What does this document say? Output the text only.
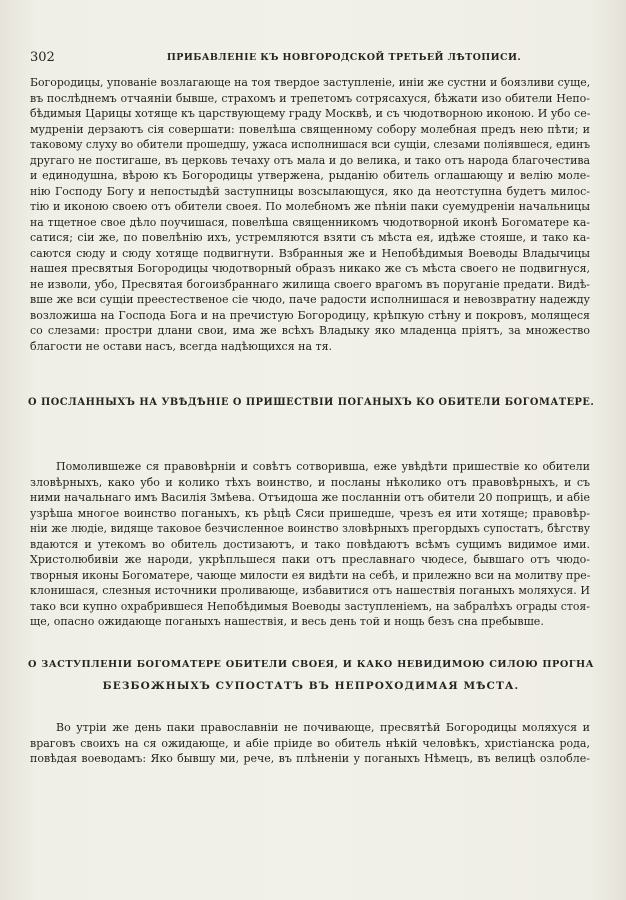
302	ПРИБАВЛЕНІЕ КЪ НОВГОРОДСКОЙ ТРЕТЬЕЙ ЛѢТОПИСИ.
Богородицы, упованіе возлагающе на тоя твердое заступленіе, иніи же сустни и боязливи суще,
въ послѣднемъ отчаяніи бывше, страхомъ и трепетомъ сотрясахуся, бѣжати изо обители Непо-
бѣдимыя Царицы хотяще къ царствующему граду Москвѣ, и съ чюдотворною иконою. И убо се-
мудреніи дерзаютъ сія совершати: повелѣша священному собору молебная предъ нею пѣти; и
таковому слуху во обители прошедшу, ужаса исполнишася вси сущіи, слезами поліявшеся, единъ
другаго не постигаше, въ церковь течаху отъ мала и до велика, и тако отъ народа благочестива
и единодушна, вѣрою къ Богородицы утвержена, рыданію обитель оглашающу и велію моле-
нію Господу Богу и непостыдѣй заступницы возсылающуся, яко да неотступна будетъ милос-
тію и иконою своею отъ обители своея. По молебномъ же пѣніи паки суемудреніи начальницы
на тщетное свое дѣло поучишася, повелѣша священникомъ чюдотворной иконѣ Богоматере ка-
сатися; сіи же, по повелѣнію ихъ, устремляются взяти съ мѣста ея, идѣже стояше, и тако ка-
саются сюду и сюду хотяще подвигнути. Взбранныя же и Непобѣдимыя Воеводы Владычицы
нашея пресвятыя Богородицы чюдотворный образъ никако же съ мѣста своего не подвигнуся,
не изволи, убо, Пресвятая богоизбраннаго жилища своего врагомъ въ поруганіе предати. Видѣ-
вше же вси сущіи преестественое сіе чюдо, паче радости исполнишася и невозвратну надежду
возложиша на Господа Бога и на пречистую Богородицу, крѣпкую стѣну и покровъ, молящеся
со слезами: простри длани свои, има же всѣхъ Владыку яко младенца пріятъ, за множество
благости не остави насъ, всегда надѣющихся на тя.
О ПОСЛАННЫХЪ НА УВѢДѢНІЕ О ПРИШЕСТВІИ ПОГАНЫХЪ КО ОБИТЕЛИ БОГОМАТЕРЕ.
Помолившеже ся правовѣрніи и совѣтъ сотворивша, еже увѣдѣти пришествіе ко обители
зловѣрныхъ, како убо и колико тѣхъ воинство, и посланы нѣколико отъ правовѣрныхъ, и съ
ними начальнаго имъ Василія Змѣева. Отъидоша же посланніи отъ обители 20 поприщъ, и абіе
узрѣша многое воинство поганыхъ, къ рѣцѣ Сяси пришедше, чрезъ ея ити хотяще; правовѣр-
ніи же людіе, видяще таковое безчисленное воинство зловѣрныхъ прегордыхъ супостатъ, бѣгству
вдаются и утекомъ во обитель достизаютъ, и тако повѣдаютъ всѣмъ сущимъ видимое ими.
Христолюбивіи же народи, укрѣпльшеся паки отъ преславнаго чюдесе, бывшаго отъ чюдо-
творныя иконы Богоматере, чающе милости ея видѣти на себѣ, и прилежно вси на молитву пре-
клонишася, слезныя источники проливающе, избавитися отъ нашествія поганыхъ моляхуся. И
тако вси купно охрабрившеся Непобѣдимыя Воеводы заступленіемъ, на забралѣхъ ограды стоя-
ще, опасно ожидающе поганыхъ нашествія, и весь день той и нощь безъ сна пребывше.
О ЗАСТУПЛЕНІИ БОГОМАТЕРЕ ОБИТЕЛИ СВОЕЯ, И КАКО НЕВИДИМОЮ СИЛОЮ ПРОГНА
БЕЗБОЖНЫХЪ СУПОСТАТЪ ВЪ НЕПРОХОДИМАЯ МѢСТА.
Во утріи же день паки православніи не почивающе, пресвятѣй Богородицы моляхуся и
враговъ своихъ на ся ожидающе, и абіе пріиде во обитель нѣкій человѣкъ, христіанска рода,
повѣдая воеводамъ: Яко бывшу ми, рече, въ плѣненіи у поганыхъ Нѣмецъ, въ велицѣ озлобле-
